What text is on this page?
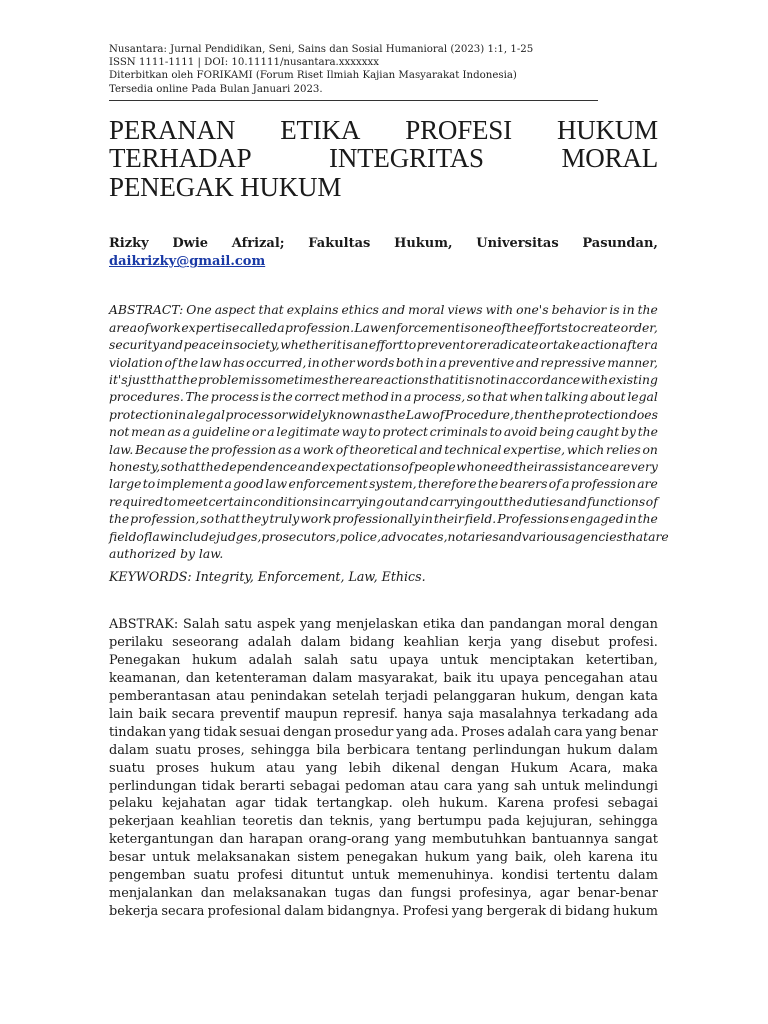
Nusantara: Jurnal Pendidikan, Seni, Sains dan Sosial Humanioral (2023) 1:1, 1-25
ISSN 1111-1111 | DOI: 10.11111/nusantara.xxxxxxx
Diterbitkan oleh FORIKAMI (Forum Riset Ilmiah Kajian Masyarakat Indonesia)
Tersedia online Pada Bulan Januari 2023.
PERANAN ETIKA PROFESI HUKUM
TERHADAP	INTEGRITAS	MORAL
PENEGAK HUKUM
Rizky Dwie Afrizal; Fakultas Hukum, Universitas Pasundan,
daikrizky@gmail.com
ABSTRACT: One aspect that explains ethics and moral views with one's behavior is in the
area of work expertise called a profession. Law enforcement is one of the efforts to create order,
security and peace in society, whether it is an effort to prevent or eradicate or take action after a
violation of the law has occurred, in other words both in a preventive and repressive manner,
it's just that the problem is sometimes there are actions that it is not in accordance with existing
procedures. The process is the correct method in a process, so that when talking about legal
protection in a legal process or widely known as the Law of Procedure, then the protection does
not mean as a guideline or a legitimate way to protect criminals to avoid being caught by the
law. Because the profession as a work of theoretical and technical expertise, which relies on
honesty, so that the dependence and expectations of people who need their assistance are very
large to implement a good law enforcement system, therefore the bearers of a profession are
required to meet certain conditions in carrying out and carrying out the duties and functions of
the profession, so that they truly work professionally in their field. Professions engaged in the
field of law include judges, prosecutors, police, advocates, notaries and various agencies that are
authorized by law.
KEYWORDS: Integrity, Enforcement, Law, Ethics.
ABSTRAK: Salah satu aspek yang menjelaskan etika dan pandangan moral dengan
perilaku seseorang adalah dalam bidang keahlian kerja yang disebut profesi.
Penegakan hukum adalah salah satu upaya untuk menciptakan ketertiban,
keamanan, dan ketenteraman dalam masyarakat, baik itu upaya pencegahan atau
pemberantasan atau penindakan setelah terjadi pelanggaran hukum, dengan kata
lain baik secara preventif maupun represif. hanya saja masalahnya terkadang ada
tindakan yang tidak sesuai dengan prosedur yang ada. Proses adalah cara yang benar
dalam suatu proses, sehingga bila berbicara tentang perlindungan hukum dalam
suatu proses hukum atau yang lebih dikenal dengan Hukum Acara, maka
perlindungan tidak berarti sebagai pedoman atau cara yang sah untuk melindungi
pelaku kejahatan agar tidak tertangkap. oleh hukum. Karena profesi sebagai
pekerjaan keahlian teoretis dan teknis, yang bertumpu pada kejujuran, sehingga
ketergantungan dan harapan orang-orang yang membutuhkan bantuannya sangat
besar untuk melaksanakan sistem penegakan hukum yang baik, oleh karena itu
pengemban suatu profesi dituntut untuk memenuhinya. kondisi tertentu dalam
menjalankan dan melaksanakan tugas dan fungsi profesinya, agar benar-benar
bekerja secara profesional dalam bidangnya. Profesi yang bergerak di bidang hukum
